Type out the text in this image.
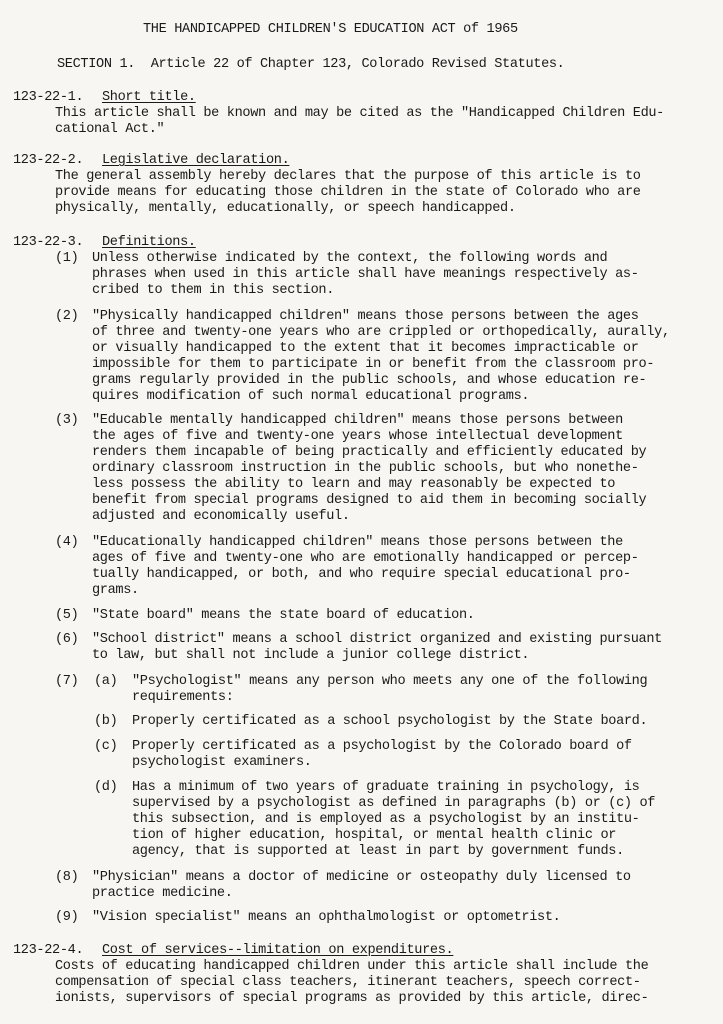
THE HANDICAPPED CHILDREN'S EDUCATION ACT of 1965
SECTION 1.  Article 22 of Chapter 123, Colorado Revised Statutes.
123-22-1. Short title.
This article shall be known and may be cited as the "Handicapped Children Edu-
cational Act."
123-22-2. Legislative declaration.
The general assembly hereby declares that the purpose of this article is to
provide means for educating those children in the state of Colorado who are
physically, mentally, educationally, or speech handicapped.
123-22-3. Definitions.
(1) Unless otherwise indicated by the context, the following words and
phrases when used in this article shall have meanings respectively as-
cribed to them in this section.
(2) "Physically handicapped children" means those persons between the ages
of three and twenty-one years who are crippled or orthopedically, aurally,
or visually handicapped to the extent that it becomes impracticable or
impossible for them to participate in or benefit from the classroom pro-
grams regularly provided in the public schools, and whose education re-
quires modification of such normal educational programs.
(3) "Educable mentally handicapped children" means those persons between
the ages of five and twenty-one years whose intellectual development
renders them incapable of being practically and efficiently educated by
ordinary classroom instruction in the public schools, but who nonethe-
less possess the ability to learn and may reasonably be expected to
benefit from special programs designed to aid them in becoming socially
adjusted and economically useful.
(4) "Educationally handicapped children" means those persons between the
ages of five and twenty-one who are emotionally handicapped or percep-
tually handicapped, or both, and who require special educational pro-
grams.
(5) "State board" means the state board of education.
(6) "School district" means a school district organized and existing pursuant
to law, but shall not include a junior college district.
(7) (a) "Psychologist" means any person who meets any one of the following
requirements:
(b) Properly certificated as a school psychologist by the State board.
(c) Properly certificated as a psychologist by the Colorado board of
psychologist examiners.
(d) Has a minimum of two years of graduate training in psychology, is
supervised by a psychologist as defined in paragraphs (b) or (c) of
this subsection, and is employed as a psychologist by an institu-
tion of higher education, hospital, or mental health clinic or
agency, that is supported at least in part by government funds.
(8) "Physician" means a doctor of medicine or osteopathy duly licensed to
practice medicine.
(9) "Vision specialist" means an ophthalmologist or optometrist.
123-22-4. Cost of services--limitation on expenditures.
Costs of educating handicapped children under this article shall include the
compensation of special class teachers, itinerant teachers, speech correct-
ionists, supervisors of special programs as provided by this article, direc-
